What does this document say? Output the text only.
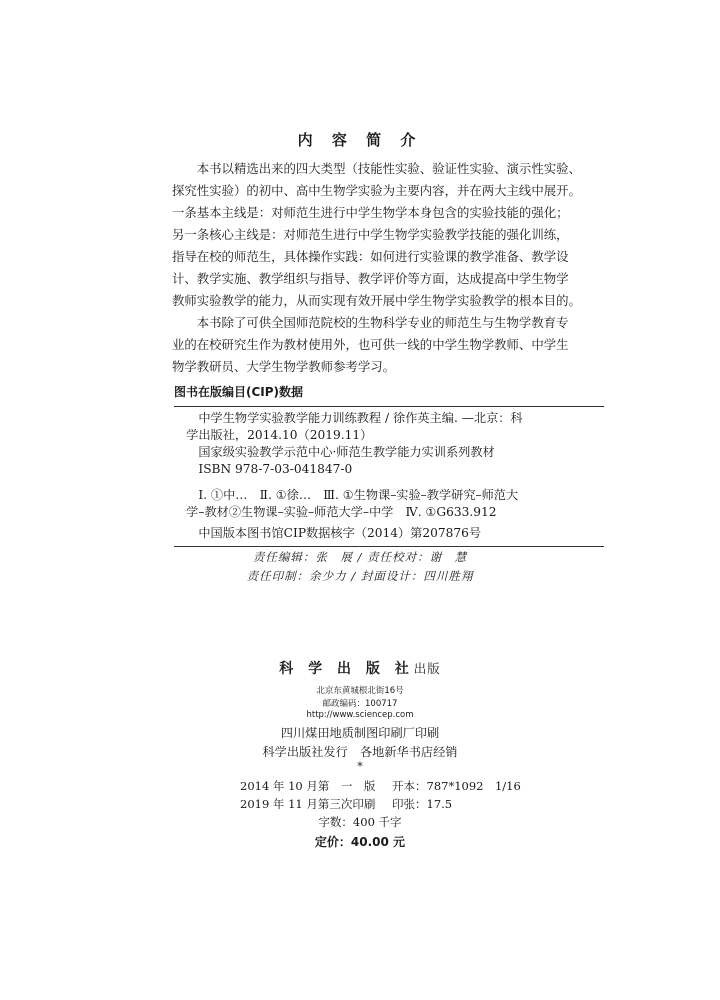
内 容 简 介
　　本书以精选出来的四大类型（技能性实验、验证性实验、演示性实验、
探究性实验）的初中、高中生物学实验为主要内容，并在两大主线中展开。
一条基本主线是：对师范生进行中学生物学本身包含的实验技能的强化；
另一条核心主线是：对师范生进行中学生物学实验教学技能的强化训练，
指导在校的师范生，具体操作实践：如何进行实验课的教学准备、教学设
计、教学实施、教学组织与指导、教学评价等方面，达成提高中学生物学
教师实验教学的能力，从而实现有效开展中学生物学实验教学的根本目的。
　　本书除了可供全国师范院校的生物科学专业的师范生与生物学教育专
业的在校研究生作为教材使用外，也可供一线的中学生物学教师、中学生
物学教研员、大学生物学教师参考学习。
图书在版编目(CIP)数据
　　中学生物学实验教学能力训练教程 / 徐作英主编. —北京：科
　学出版社，2014.10（2019.11）
　　国家级实验教学示范中心·师范生教学能力实训系列教材
　　ISBN 978-7-03-041847-0
　　Ⅰ. ①中…　Ⅱ. ①徐…　Ⅲ. ①生物课–实验–教学研究–师范大
　学–教材②生物课–实验–师范大学–中学　Ⅳ. ①G633.912
　　中国版本图书馆CIP数据核字（2014）第207876号
责任编辑：张　展 / 责任校对：谢　慧
责任印制：余少力 / 封面设计：四川胜翔
科 学 出 版 社出版
北京东黄城根北街16号
邮政编码：100717
http://www.sciencep.com
四川煤田地质制图印刷厂印刷
科学出版社发行　各地新华书店经销
*
2014 年 10 月第　一　版 开本：787*1092　1/16
2019 年 11 月第三次印刷 印张：17.5
字数：400 千字
定价：40.00 元
